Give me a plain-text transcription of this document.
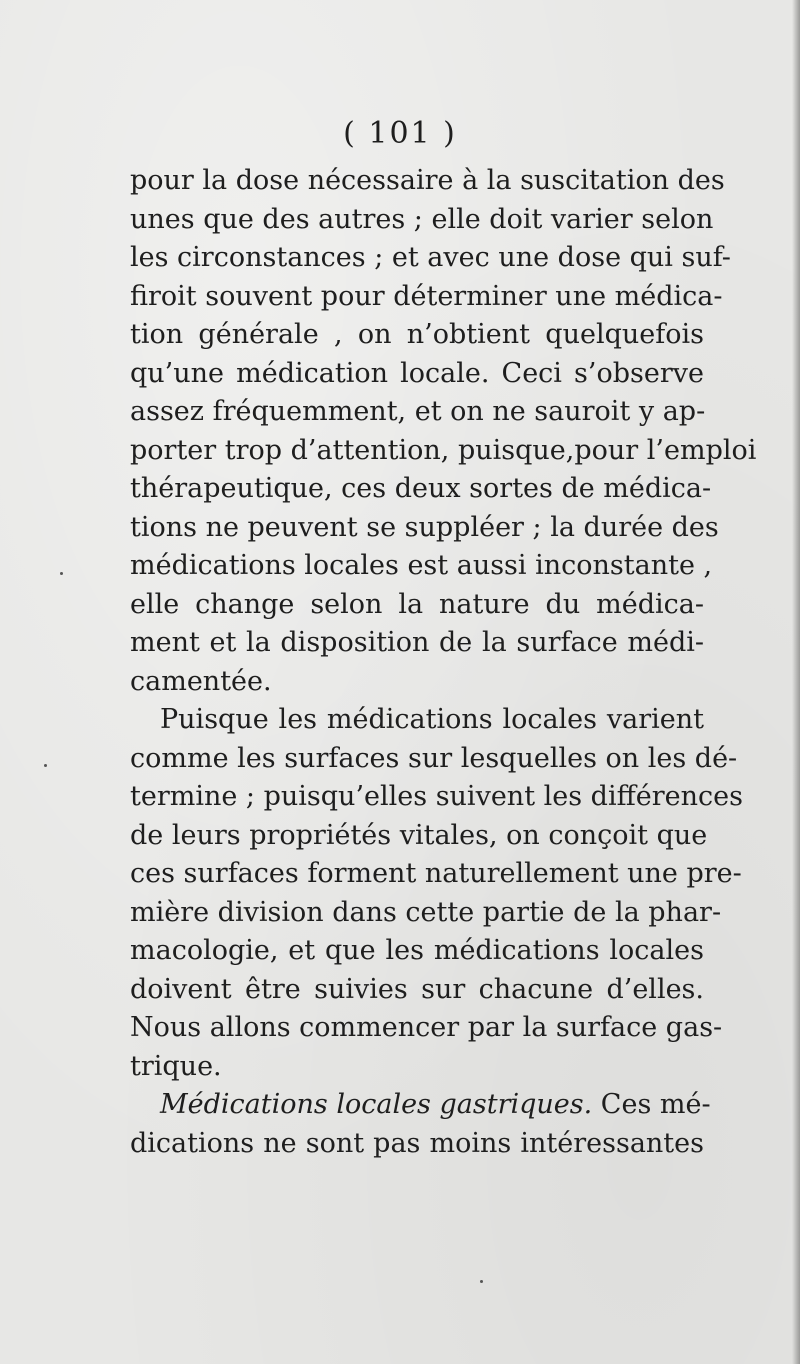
( 101 )
pour la dose nécessaire à la suscitation des
unes que des autres ; elle doit varier selon
les circonstances ; et avec une dose qui suf-
firoit souvent pour déterminer une médica-
tion générale , on n’obtient quelquefois
qu’une médication locale. Ceci s’observe
assez fréquemment, et on ne sauroit y ap-
porter trop d’attention, puisque,pour l’emploi
thérapeutique, ces deux sortes de médica-
tions ne peuvent se suppléer ; la durée des
médications locales est aussi inconstante ,
elle change selon la nature du médica-
ment et la disposition de la surface médi-
camentée.
Puisque les médications locales varient
comme les surfaces sur lesquelles on les dé-
termine ; puisqu’elles suivent les différences
de leurs propriétés vitales, on conçoit que
ces surfaces forment naturellement une pre-
mière division dans cette partie de la phar-
macologie, et que les médications locales
doivent être suivies sur chacune d’elles.
Nous allons commencer par la surface gas-
trique.
Médications locales gastriques. Ces mé-
dications ne sont pas moins intéressantes
